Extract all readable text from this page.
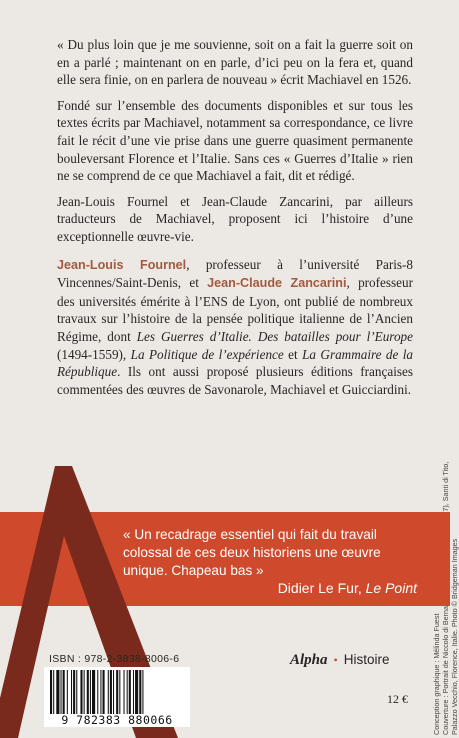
« Du plus loin que je me souvienne, soit on a fait la guerre soit on en a parlé ; maintenant on en parle, d’ici peu on la fera et, quand elle sera finie, on en parlera de nouveau » écrit Machiavel en 1526.

Fondé sur l’ensemble des documents disponibles et sur tous les textes écrits par Machiavel, notamment sa correspondance, ce livre fait le récit d’une vie prise dans une guerre quasiment permanente bouleversant Florence et l’Italie. Sans ces « Guerres d’Italie » rien ne se comprend de ce que Machiavel a fait, dit et rédigé.

Jean-Louis Fournel et Jean-Claude Zancarini, par ailleurs traducteurs de Machiavel, proposent ici l’histoire d’une exceptionnelle œuvre-vie.

Jean-Louis Fournel, professeur à l’université Paris-8 Vincennes/Saint-Denis, et Jean-Claude Zancarini, professeur des universités émérite à l’ENS de Lyon, ont publié de nombreux travaux sur l’histoire de la pensée politique italienne de l’Ancien Régime, dont Les Guerres d’Italie. Des batailles pour l’Europe (1494-1559), La Politique de l’expérience et La Grammaire de la République. Ils ont aussi proposé plusieurs éditions françaises commentées des œuvres de Savonarole, Machiavel et Guicciardini.

Conception graphique : Mélinda Fuest Palazzo Vecchio, Florence, Italie. Photo © Bridgeman Images
« Un recadrage essentiel qui fait du travail colossal de ces deux historiens une œuvre unique. Chapeau bas »
Didier Le Fur, Le Point
ISBN : 978-2-3838-8006-6
9 782383 880066
Alpha • Histoire
12 €
